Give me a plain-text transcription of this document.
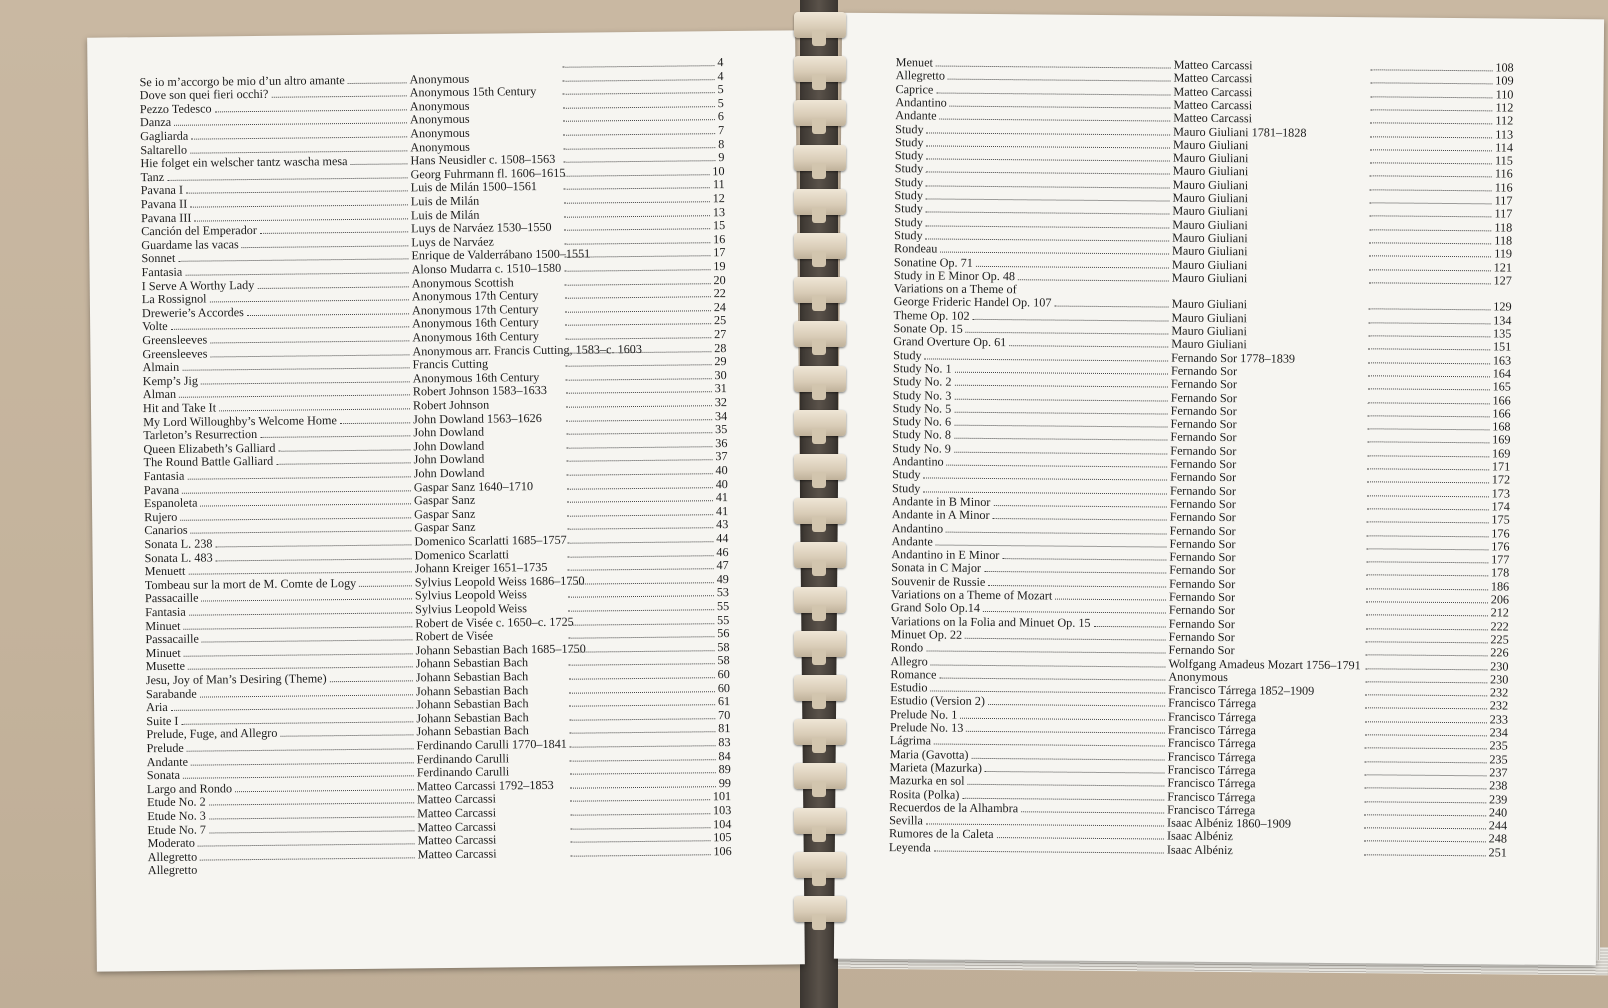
4
Se io m’accorgo be mio d’un altro amante	Anonymous	4
Dove son quei fieri occhi?	Anonymous 15th Century	5
Pezzo Tedesco	Anonymous	5
Danza	Anonymous	6
Gagliarda	Anonymous	7
Saltarello	Anonymous	8
Hie folget ein welscher tantz wascha mesa	Hans Neusidler c. 1508–1563	9
Tanz	Georg Fuhrmann fl. 1606–1615	10
Pavana I	Luis de Milán 1500–1561	11
Pavana II	Luis de Milán	12
Pavana III	Luis de Milán	13
Canción del Emperador	Luys de Narváez 1530–1550	15
Guardame las vacas	Luys de Narváez	16
Sonnet	Enrique de Valderrábano 1500–1551	17
Fantasia	Alonso Mudarra c. 1510–1580	19
I Serve A Worthy Lady	Anonymous Scottish	20
La Rossignol	Anonymous 17th Century	22
Drewerie’s Accordes	Anonymous 17th Century	24
Volte	Anonymous 16th Century	25
Greensleeves	Anonymous 16th Century	27
Greensleeves	Anonymous arr. Francis Cutting, 1583–c. 1603	28
Almain	Francis Cutting	29
Kemp’s Jig	Anonymous 16th Century	30
Alman	Robert Johnson 1583–1633	31
Hit and Take It	Robert Johnson	32
My Lord Willoughby’s Welcome Home	John Dowland 1563–1626	34
Tarleton’s Resurrection	John Dowland	35
Queen Elizabeth’s Galliard	John Dowland	36
The Round Battle Galliard	John Dowland	37
Fantasia	John Dowland	40
Pavana	Gaspar Sanz 1640–1710	40
Espanoleta	Gaspar Sanz	41
Rujero	Gaspar Sanz	41
Canarios	Gaspar Sanz	43
Sonata L. 238	Domenico Scarlatti 1685–1757	44
Sonata L. 483	Domenico Scarlatti	46
Menuett	Johann Kreiger 1651–1735	47
Tombeau sur la mort de M. Comte de Logy	Sylvius Leopold Weiss 1686–1750	49
Passacaille	Sylvius Leopold Weiss	53
Fantasia	Sylvius Leopold Weiss	55
Minuet	Robert de Visée c. 1650–c. 1725	55
Passacaille	Robert de Visée	56
Minuet	Johann Sebastian Bach 1685–1750	58
Musette	Johann Sebastian Bach	58
Jesu, Joy of Man’s Desiring (Theme)	Johann Sebastian Bach	60
Sarabande	Johann Sebastian Bach	60
Aria	Johann Sebastian Bach	61
Suite I	Johann Sebastian Bach	70
Prelude, Fuge, and Allegro	Johann Sebastian Bach	81
Prelude	Ferdinando Carulli 1770–1841	83
Andante	Ferdinando Carulli	84
Sonata	Ferdinando Carulli	89
Largo and Rondo	Matteo Carcassi 1792–1853	99
Etude No. 2	Matteo Carcassi	101
Etude No. 3	Matteo Carcassi	103
Etude No. 7	Matteo Carcassi	104
Moderato	Matteo Carcassi	105
Allegretto	Matteo Carcassi	106
Allegretto
Menuet	Matteo Carcassi	108
Allegretto	Matteo Carcassi	109
Caprice	Matteo Carcassi	110
Andantino	Matteo Carcassi	112
Andante	Matteo Carcassi	112
Study	Mauro Giuliani 1781–1828	113
Study	Mauro Giuliani	114
Study	Mauro Giuliani	115
Study	Mauro Giuliani	116
Study	Mauro Giuliani	116
Study	Mauro Giuliani	117
Study	Mauro Giuliani	117
Study	Mauro Giuliani	118
Study	Mauro Giuliani	118
Rondeau	Mauro Giuliani	119
Sonatine Op. 71	Mauro Giuliani	121
Study in E Minor Op. 48	Mauro Giuliani	127
Variations on a Theme of
George Frideric Handel Op. 107	Mauro Giuliani	129
Theme Op. 102	Mauro Giuliani	134
Sonate Op. 15	Mauro Giuliani	135
Grand Overture Op. 61	Mauro Giuliani	151
Study	Fernando Sor 1778–1839	163
Study No. 1	Fernando Sor	164
Study No. 2	Fernando Sor	165
Study No. 3	Fernando Sor	166
Study No. 5	Fernando Sor	166
Study No. 6	Fernando Sor	168
Study No. 8	Fernando Sor	169
Study No. 9	Fernando Sor	169
Andantino	Fernando Sor	171
Study	Fernando Sor	172
Study	Fernando Sor	173
Andante in B Minor	Fernando Sor	174
Andante in A Minor	Fernando Sor	175
Andantino	Fernando Sor	176
Andante	Fernando Sor	176
Andantino in E Minor	Fernando Sor	177
Sonata in C Major	Fernando Sor	178
Souvenir de Russie	Fernando Sor	186
Variations on a Theme of Mozart	Fernando Sor	206
Grand Solo Op.14	Fernando Sor	212
Variations on la Folia and Minuet Op. 15	Fernando Sor	222
Minuet Op. 22	Fernando Sor	225
Rondo	Fernando Sor	226
Allegro	Wolfgang Amadeus Mozart 1756–1791	230
Romance	Anonymous	230
Estudio	Francisco Tárrega 1852–1909	232
Estudio (Version 2)	Francisco Tárrega	232
Prelude No. 1	Francisco Tárrega	233
Prelude No. 13	Francisco Tárrega	234
Lágrima	Francisco Tárrega	235
Maria (Gavotta)	Francisco Tárrega	235
Marieta (Mazurka)	Francisco Tárrega	237
Mazurka en sol	Francisco Tárrega	238
Rosita (Polka)	Francisco Tárrega	239
Recuerdos de la Alhambra	Francisco Tárrega	240
Sevilla	Isaac Albéniz 1860–1909	244
Rumores de la Caleta	Isaac Albéniz	248
Leyenda	Isaac Albéniz	251
